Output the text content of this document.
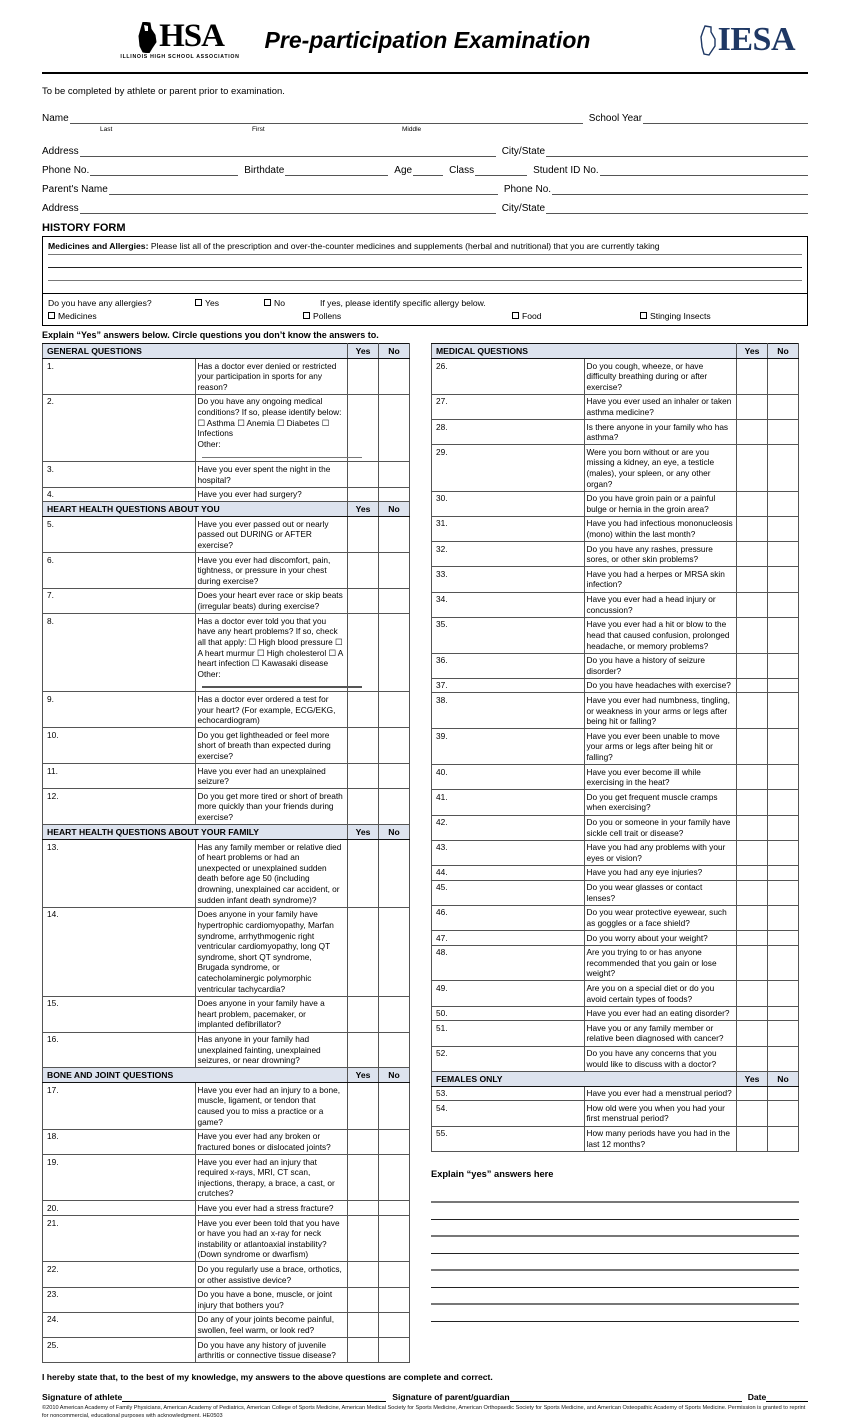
HSA
ILLINOIS HIGH SCHOOL ASSOCIATION
Pre-participation Examination	IESA
To be completed by athlete or parent prior to examination.
Name	School Year
Last	First	Middle
Address	City/State
Phone No.	Birthdate	Age	Class	Student ID No.
Parent's Name	Phone No.
Address	City/State
HISTORY FORM
Medicines and Allergies: Please list all of the prescription and over-the-counter medicines and supplements (herbal and nutritional) that you are currently taking
Do you have any allergies?	Yes	No	If yes, please identify specific allergy below.
Medicines	Pollens	Food	Stinging Insects
Explain “Yes” answers below. Circle questions you don’t know the answers to.
GENERAL QUESTIONS		Yes	No
1.	Has a doctor ever denied or restricted your participation in sports for any reason?		
2.	Do you have any ongoing medical conditions? If so, please identify below: ☐ Asthma ☐ Anemia ☐ Diabetes ☐ Infections
Other:		
3.	Have you ever spent the night in the hospital?		
4.	Have you ever had surgery?		
HEART HEALTH QUESTIONS ABOUT YOU		Yes	No
5.	Have you ever passed out or nearly passed out DURING or AFTER exercise?		
6.	Have you ever had discomfort, pain, tightness, or pressure in your chest during exercise?		
7.	Does your heart ever race or skip beats (irregular beats) during exercise?		
8.	Has a doctor ever told you that you have any heart problems? If so, check all that apply: ☐ High blood pressure ☐ A heart murmur ☐ High cholesterol ☐ A heart infection ☐ Kawasaki disease
Other:		
9.	Has a doctor ever ordered a test for your heart? (For example, ECG/EKG, echocardiogram)		
10.	Do you get lightheaded or feel more short of breath than expected during exercise?		
11.	Have you ever had an unexplained seizure?		
12.	Do you get more tired or short of breath more quickly than your friends during exercise?		
HEART HEALTH QUESTIONS ABOUT YOUR FAMILY		Yes	No
13.	Has any family member or relative died of heart problems or had an unexpected or unexplained sudden death before age 50 (including drowning, unexplained car accident, or sudden infant death syndrome)?		
14.	Does anyone in your family have hypertrophic cardiomyopathy, Marfan syndrome, arrhythmogenic right ventricular cardiomyopathy, long QT syndrome, short QT syndrome, Brugada syndrome, or catecholaminergic polymorphic ventricular tachycardia?		
15.	Does anyone in your family have a heart problem, pacemaker, or implanted defibrillator?		
16.	Has anyone in your family had unexplained fainting, unexplained seizures, or near drowning?		
BONE AND JOINT QUESTIONS		Yes	No
17.	Have you ever had an injury to a bone, muscle, ligament, or tendon that caused you to miss a practice or a game?		
18.	Have you ever had any broken or fractured bones or dislocated joints?		
19.	Have you ever had an injury that required x-rays, MRI, CT scan, injections, therapy, a brace, a cast, or crutches?		
20.	Have you ever had a stress fracture?		
21.	Have you ever been told that you have or have you had an x-ray for neck instability or atlantoaxial instability? (Down syndrome or dwarfism)		
22.	Do you regularly use a brace, orthotics, or other assistive device?		
23.	Do you have a bone, muscle, or joint injury that bothers you?		
24.	Do any of your joints become painful, swollen, feel warm, or look red?		
25.	Do you have any history of juvenile arthritis or connective tissue disease?		
MEDICAL QUESTIONS		Yes	No
26.	Do you cough, wheeze, or have difficulty breathing during or after exercise?		
27.	Have you ever used an inhaler or taken asthma medicine?		
28.	Is there anyone in your family who has asthma?		
29.	Were you born without or are you missing a kidney, an eye, a testicle (males), your spleen, or any other organ?		
30.	Do you have groin pain or a painful bulge or hernia in the groin area?		
31.	Have you had infectious mononucleosis (mono) within the last month?		
32.	Do you have any rashes, pressure sores, or other skin problems?		
33.	Have you had a herpes or MRSA skin infection?		
34.	Have you ever had a head injury or concussion?		
35.	Have you ever had a hit or blow to the head that caused confusion, prolonged headache, or memory problems?		
36.	Do you have a history of seizure disorder?		
37.	Do you have headaches with exercise?		
38.	Have you ever had numbness, tingling, or weakness in your arms or legs after being hit or falling?		
39.	Have you ever been unable to move your arms or legs after being hit or falling?		
40.	Have you ever become ill while exercising in the heat?		
41.	Do you get frequent muscle cramps when exercising?		
42.	Do you or someone in your family have sickle cell trait or disease?		
43.	Have you had any problems with your eyes or vision?		
44.	Have you had any eye injuries?		
45.	Do you wear glasses or contact lenses?		
46.	Do you wear protective eyewear, such as goggles or a face shield?		
47.	Do you worry about your weight?		
48.	Are you trying to or has anyone recommended that you gain or lose weight?		
49.	Are you on a special diet or do you avoid certain types of foods?		
50.	Have you ever had an eating disorder?		
51.	Have you or any family member or relative been diagnosed with cancer?		
52.	Do you have any concerns that you would like to discuss with a doctor?		
FEMALES ONLY		Yes	No
53.	Have you ever had a menstrual period?		
54.	How old were you when you had your first menstrual period?		
55.	How many periods have you had in the last 12 months?		
Explain “yes” answers here
I hereby state that, to the best of my knowledge, my answers to the above questions are complete and correct.
Signature of athlete	Signature of parent/guardian	Date
©2010 American Academy of Family Physicians, American Academy of Pediatrics, American College of Sports Medicine, American Medical Society for Sports Medicine, American Orthopaedic Society for Sports Medicine, and American Osteopathic Academy of Sports Medicine. Permission is granted to reprint for noncommercial, educational purposes with acknowledgment. HE0503
